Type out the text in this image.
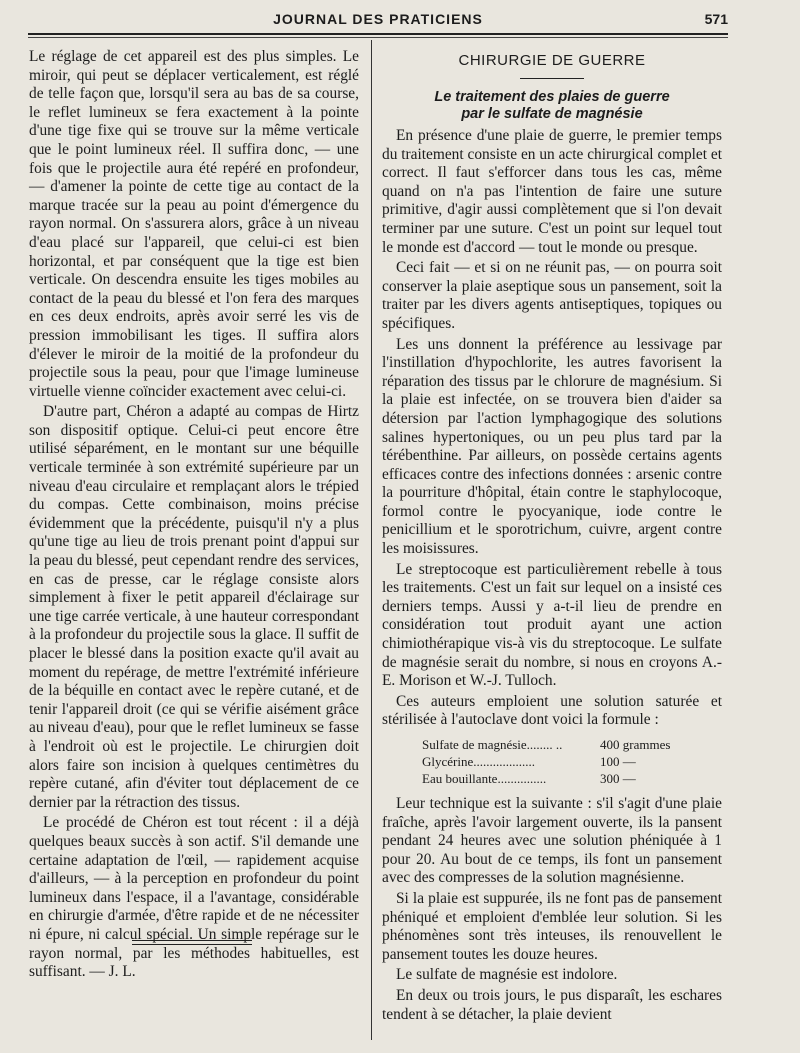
JOURNAL DES PRATICIENS	571

Le réglage de cet appareil est des plus simples. Le miroir, qui peut se déplacer verticalement, est réglé de telle façon que, lorsqu'il sera au bas de sa course, le reflet lumineux se fera exactement à la pointe d'une tige fixe qui se trouve sur la même verticale que le point lumineux réel. Il suffira donc, — une fois que le projectile aura été repéré en profondeur, — d'amener la pointe de cette tige au contact de la marque tracée sur la peau au point d'émergence du rayon normal. On s'assurera alors, grâce à un niveau d'eau placé sur l'appareil, que celui-ci est bien horizontal, et par conséquent que la tige est bien verticale. On descendra ensuite les tiges mobiles au contact de la peau du blessé et l'on fera des marques en ces deux endroits, après avoir serré les vis de pression immobilisant les tiges. Il suffira alors d'élever le miroir de la moitié de la profondeur du projectile sous la peau, pour que l'image lumineuse virtuelle vienne coïncider exactement avec celui-ci.

D'autre part, Chéron a adapté au compas de Hirtz son dispositif optique. Celui-ci peut encore être utilisé séparément, en le montant sur une béquille verticale terminée à son extrémité supérieure par un niveau d'eau circulaire et remplaçant alors le trépied du compas. Cette combinaison, moins précise évidemment que la précédente, puisqu'il n'y a plus qu'une tige au lieu de trois prenant point d'appui sur la peau du blessé, peut cependant rendre des services, en cas de presse, car le réglage consiste alors simplement à fixer le petit appareil d'éclairage sur une tige carrée verticale, à une hauteur correspondant à la profondeur du projectile sous la glace. Il suffit de placer le blessé dans la position exacte qu'il avait au moment du repérage, de mettre l'extrémité inférieure de la béquille en contact avec le repère cutané, et de tenir l'appareil droit (ce qui se vérifie aisément grâce au niveau d'eau), pour que le reflet lumineux se fasse à l'endroit où est le projectile. Le chirurgien doit alors faire son incision à quelques centimètres du repère cutané, afin d'éviter tout déplacement de ce dernier par la rétraction des tissus.

Le procédé de Chéron est tout récent : il a déjà quelques beaux succès à son actif. S'il demande une certaine adaptation de l'œil, — rapidement acquise d'ailleurs, — à la perception en profondeur du point lumineux dans l'espace, il a l'avantage, considérable en chirurgie d'armée, d'être rapide et de ne nécessiter ni épure, ni calcul spécial. Un simple repérage sur le rayon normal, par les méthodes habituelles, est suffisant. — J. L.

CHIRURGIE DE GUERRE
Le traitement des plaies de guerre
par le sulfate de magnésie

En présence d'une plaie de guerre, le premier temps du traitement consiste en un acte chirurgical complet et correct. Il faut s'efforcer dans tous les cas, même quand on n'a pas l'intention de faire une suture primitive, d'agir aussi complètement que si l'on devait terminer par une suture. C'est un point sur lequel tout le monde est d'accord — tout le monde ou presque.

Ceci fait — et si on ne réunit pas, — on pourra soit conserver la plaie aseptique sous un pansement, soit la traiter par les divers agents antiseptiques, topiques ou spécifiques.

Les uns donnent la préférence au lessivage par l'instillation d'hypochlorite, les autres favorisent la réparation des tissus par le chlorure de magnésium. Si la plaie est infectée, on se trouvera bien d'aider sa détersion par l'action lymphagogique des solutions salines hypertoniques, ou un peu plus tard par la térébenthine. Par ailleurs, on possède certains agents efficaces contre des infections données : arsenic contre la pourriture d'hôpital, étain contre le staphylocoque, formol contre le pyocyanique, iode contre le penicillium et le sporotrichum, cuivre, argent contre les moisissures.

Le streptocoque est particulièrement rebelle à tous les traitements. C'est un fait sur lequel on a insisté ces derniers temps. Aussi y a-t-il lieu de prendre en considération tout produit ayant une action chimiothérapique vis-à vis du streptocoque. Le sulfate de magnésie serait du nombre, si nous en croyons A.-E. Morison et W.-J. Tulloch.

Ces auteurs emploient une solution saturée et stérilisée à l'autoclave dont voici la formule :

Sulfate de magnésie........ ..	400 grammes
Glycérine...................	100 —
Eau bouillante...............	300 —

Leur technique est la suivante : s'il s'agit d'une plaie fraîche, après l'avoir largement ouverte, ils la pansent pendant 24 heures avec une solution phéniquée à 1 pour 20. Au bout de ce temps, ils font un pansement avec des compresses de la solution magnésienne.

Si la plaie est suppurée, ils ne font pas de pansement phéniqué et emploient d'emblée leur solution. Si les phénomènes sont très inteuses, ils renouvellent le pansement toutes les douze heures.

Le sulfate de magnésie est indolore.

En deux ou trois jours, le pus disparaît, les eschares tendent à se détacher, la plaie devient
